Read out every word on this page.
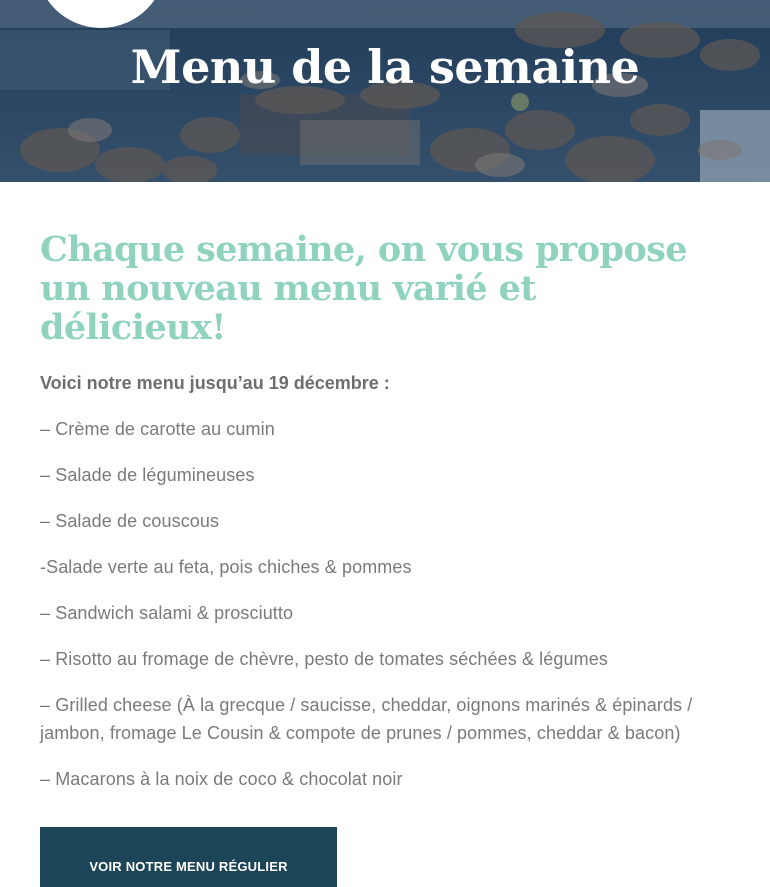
Menu de la semaine
Chaque semaine, on vous propose un nouveau menu varié et délicieux!

Voici notre menu jusqu’au 19 décembre :

– Crème de carotte au cumin
– Salade de légumineuses
– Salade de couscous
-Salade verte au feta, pois chiches & pommes
– Sandwich salami & prosciutto
– Risotto au fromage de chèvre, pesto de tomates séchées & légumes
– Grilled cheese (À la grecque / saucisse, cheddar, oignons marinés & épinards / jambon, fromage Le Cousin & compote de prunes / pommes, cheddar & bacon)
– Macarons à la noix de coco & chocolat noir
VOIR NOTRE MENU RÉGULIER
